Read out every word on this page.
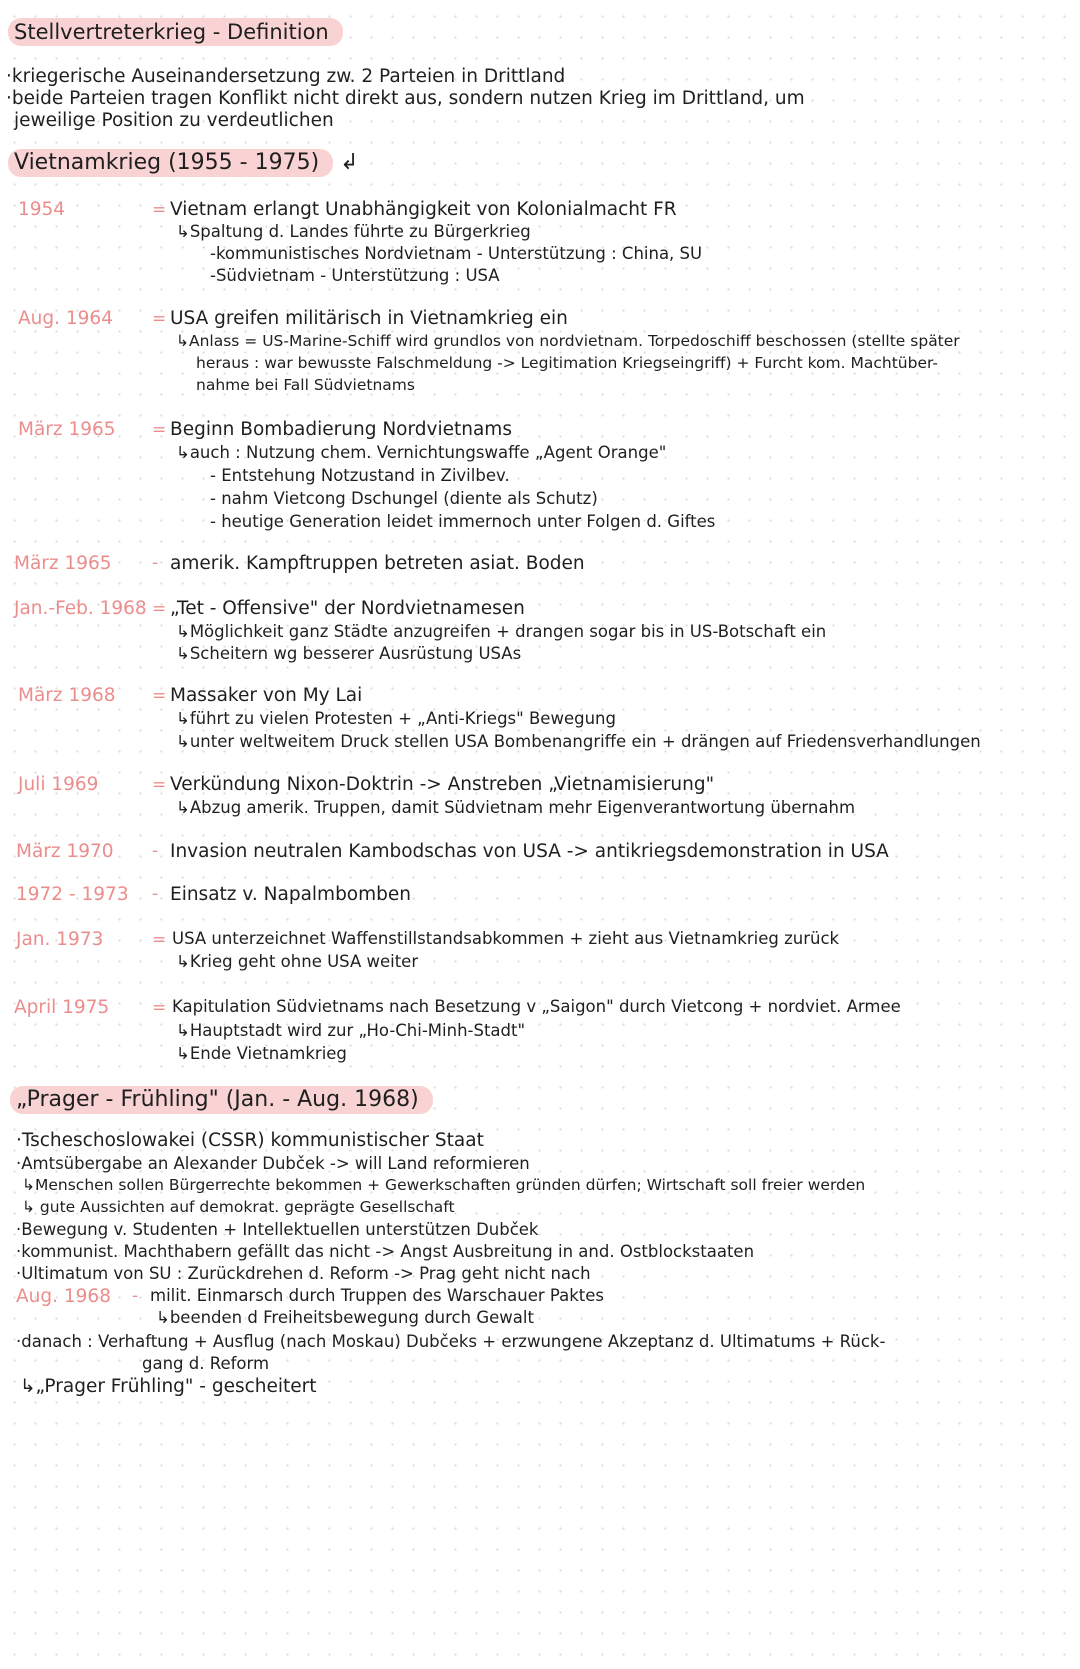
Stellvertreterkrieg - Definition
·kriegerische Auseinandersetzung zw. 2 Parteien in Drittland
·beide Parteien tragen Konflikt nicht direkt aus, sondern nutzen Krieg im Drittland, um
jeweilige Position zu verdeutlichen
Vietnamkrieg (1955 - 1975) ↲
1954	= Vietnam erlangt Unabhängigkeit von Kolonialmacht FR
↳Spaltung d. Landes führte zu Bürgerkrieg
-kommunistisches Nordvietnam - Unterstützung : China, SU
-Südvietnam - Unterstützung : USA
Aug. 1964 = USA greifen militärisch in Vietnamkrieg ein
↳Anlass = US-Marine-Schiff wird grundlos von nordvietnam. Torpedoschiff beschossen (stellte später
heraus : war bewusste Falschmeldung -> Legitimation Kriegseingriff) + Furcht kom. Machtüber-
nahme bei Fall Südvietnams
März 1965 = Beginn Bombadierung Nordvietnams
↳auch : Nutzung chem. Vernichtungswaffe „Agent Orange"
- Entstehung Notzustand in Zivilbev.
- nahm Vietcong Dschungel (diente als Schutz)
- heutige Generation leidet immernoch unter Folgen d. Giftes
März 1965 - amerik. Kampftruppen betreten asiat. Boden
Jan.-Feb. 1968 = „Tet - Offensive" der Nordvietnamesen
↳Möglichkeit ganz Städte anzugreifen + drangen sogar bis in US-Botschaft ein
↳Scheitern wg besserer Ausrüstung USAs
März 1968 = Massaker von My Lai
↳führt zu vielen Protesten + „Anti-Kriegs" Bewegung
↳unter weltweitem Druck stellen USA Bombenangriffe ein + drängen auf Friedensverhandlungen
Juli 1969	= Verkündung Nixon-Doktrin -> Anstreben „Vietnamisierung"
↳Abzug amerik. Truppen, damit Südvietnam mehr Eigenverantwortung übernahm
März 1970 - Invasion neutralen Kambodschas von USA -> antikriegsdemonstration in USA
1972 - 1973 - Einsatz v. Napalmbomben
Jan. 1973	= USA unterzeichnet Waffenstillstandsabkommen + zieht aus Vietnamkrieg zurück
↳Krieg geht ohne USA weiter
April 1975	= Kapitulation Südvietnams nach Besetzung v „Saigon" durch Vietcong + nordviet. Armee
↳Hauptstadt wird zur „Ho-Chi-Minh-Stadt"
↳Ende Vietnamkrieg
„Prager - Frühling" (Jan. - Aug. 1968)
·Tscheschoslowakei (CSSR) kommunistischer Staat
·Amtsübergabe an Alexander Dubček -> will Land reformieren
↳Menschen sollen Bürgerrechte bekommen + Gewerkschaften gründen dürfen; Wirtschaft soll freier werden
↳ gute Aussichten auf demokrat. geprägte Gesellschaft
·Bewegung v. Studenten + Intellektuellen unterstützen Dubček
·kommunist. Machthabern gefällt das nicht -> Angst Ausbreitung in and. Ostblockstaaten
·Ultimatum von SU : Zurückdrehen d. Reform -> Prag geht nicht nach
Aug. 1968 - milit. Einmarsch durch Truppen des Warschauer Paktes
↳beenden d Freiheitsbewegung durch Gewalt
·danach : Verhaftung + Ausflug (nach Moskau) Dubčeks + erzwungene Akzeptanz d. Ultimatums + Rück-
gang d. Reform
↳„Prager Frühling" - gescheitert
